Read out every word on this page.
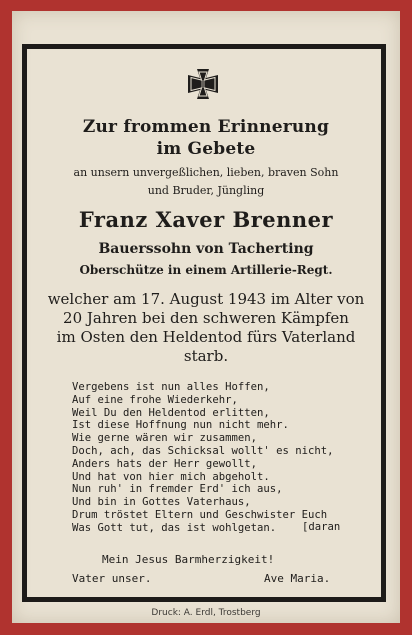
Zur frommen Erinnerung
im Gebete
an unsern unvergeßlichen, lieben, braven Sohn
und Bruder, Jüngling
Franz Xaver Brenner
Bauerssohn von Tacherting
Oberschütze in einem Artillerie-Regt.
welcher am 17. August 1943 im Alter von
20 Jahren bei den schweren Kämpfen
im Osten den Heldentod fürs Vaterland
starb.
Vergebens ist nun alles Hoffen,
Auf eine frohe Wiederkehr,
Weil Du den Heldentod erlitten,
Ist diese Hoffnung nun nicht mehr.
Wie gerne wären wir zusammen,
Doch, ach, das Schicksal wollt' es nicht,
Anders hats der Herr gewollt,
Und hat von hier mich abgeholt.
Nun ruh' in fremder Erd' ich aus,
Und bin in Gottes Vaterhaus,
Drum tröstet Eltern und Geschwister Euch
Was Gott tut, das ist wohlgetan.	[daran
Mein Jesus Barmherzigkeit!
Vater unser.	Ave Maria.
Druck: A. Erdl, Trostberg
